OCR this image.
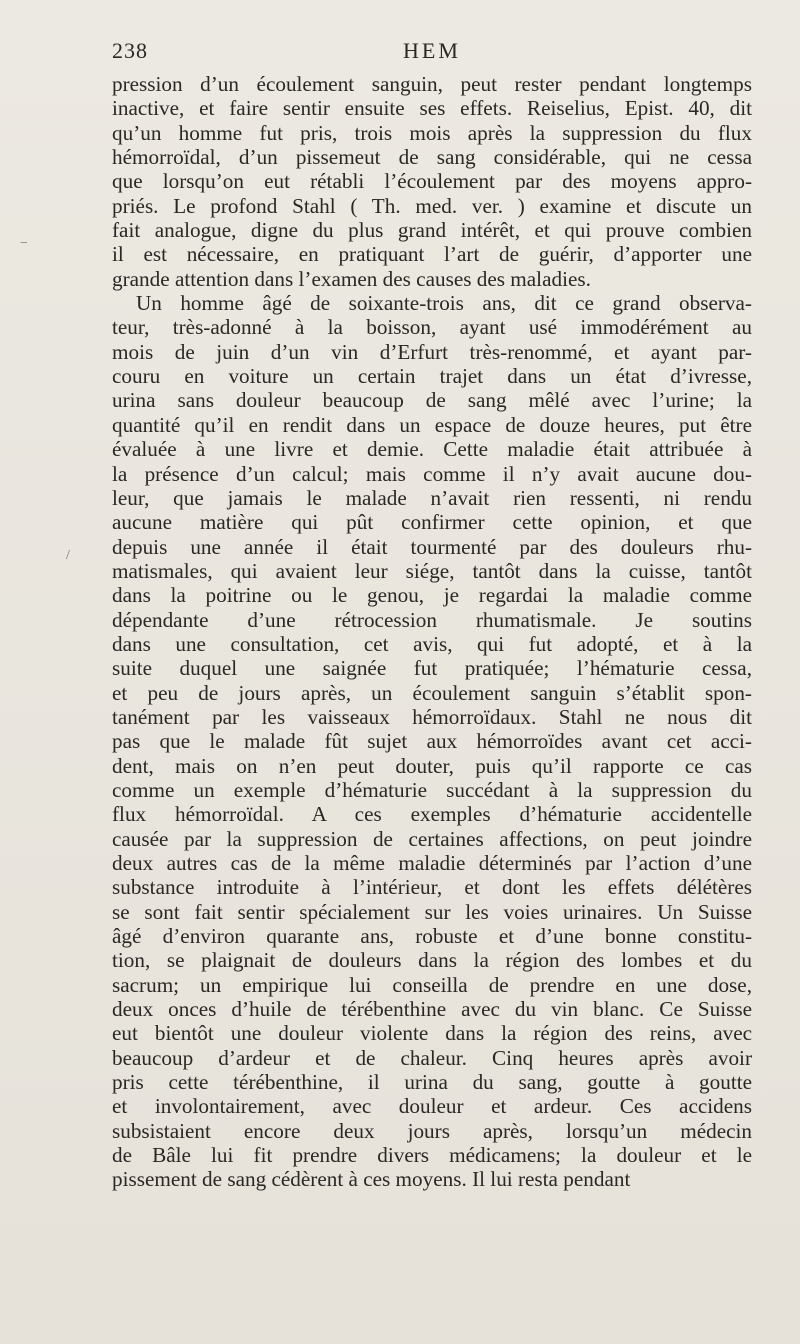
238	HEM
pression d’un écoulement sanguin, peut rester pendant longtemps
inactive, et faire sentir ensuite ses effets. Reiselius, Epist. 40, dit
qu’un homme fut pris, trois mois après la suppression du flux
hémorroïdal, d’un pissemeut de sang considérable, qui ne cessa
que lorsqu’on eut rétabli l’écoulement par des moyens appro-
priés. Le profond Stahl ( Th. med. ver. ) examine et discute un
fait analogue, digne du plus grand intérêt, et qui prouve combien
il est nécessaire, en pratiquant l’art de guérir, d’apporter une
grande attention dans l’examen des causes des maladies.
Un homme âgé de soixante-trois ans, dit ce grand observa-
teur, très-adonné à la boisson, ayant usé immodérément au
mois de juin d’un vin d’Erfurt très-renommé, et ayant par-
couru en voiture un certain trajet dans un état d’ivresse,
urina sans douleur beaucoup de sang mêlé avec l’urine; la
quantité qu’il en rendit dans un espace de douze heures, put être
évaluée à une livre et demie. Cette maladie était attribuée à
la présence d’un calcul; mais comme il n’y avait aucune dou-
leur, que jamais le malade n’avait rien ressenti, ni rendu
aucune matière qui pût confirmer cette opinion, et que
depuis une année il était tourmenté par des douleurs rhu-
matismales, qui avaient leur siége, tantôt dans la cuisse, tantôt
dans la poitrine ou le genou, je regardai la maladie comme
dépendante d’une rétrocession rhumatismale. Je soutins
dans une consultation, cet avis, qui fut adopté, et à la
suite duquel une saignée fut pratiquée; l’hématurie cessa,
et peu de jours après, un écoulement sanguin s’établit spon-
tanément par les vaisseaux hémorroïdaux. Stahl ne nous dit
pas que le malade fût sujet aux hémorroïdes avant cet acci-
dent, mais on n’en peut douter, puis qu’il rapporte ce cas
comme un exemple d’hématurie succédant à la suppression du
flux hémorroïdal. A ces exemples d’hématurie accidentelle
causée par la suppression de certaines affections, on peut joindre
deux autres cas de la même maladie déterminés par l’action d’une
substance introduite à l’intérieur, et dont les effets délétères
se sont fait sentir spécialement sur les voies urinaires. Un Suisse
âgé d’environ quarante ans, robuste et d’une bonne constitu-
tion, se plaignait de douleurs dans la région des lombes et du
sacrum; un empirique lui conseilla de prendre en une dose,
deux onces d’huile de térébenthine avec du vin blanc. Ce Suisse
eut bientôt une douleur violente dans la région des reins, avec
beaucoup d’ardeur et de chaleur. Cinq heures après avoir
pris cette térébenthine, il urina du sang, goutte à goutte
et involontairement, avec douleur et ardeur. Ces accidens
subsistaient encore deux jours après, lorsqu’un médecin
de Bâle lui fit prendre divers médicamens; la douleur et le
pissement de sang cédèrent à ces moyens. Il lui resta pendant
−
/
